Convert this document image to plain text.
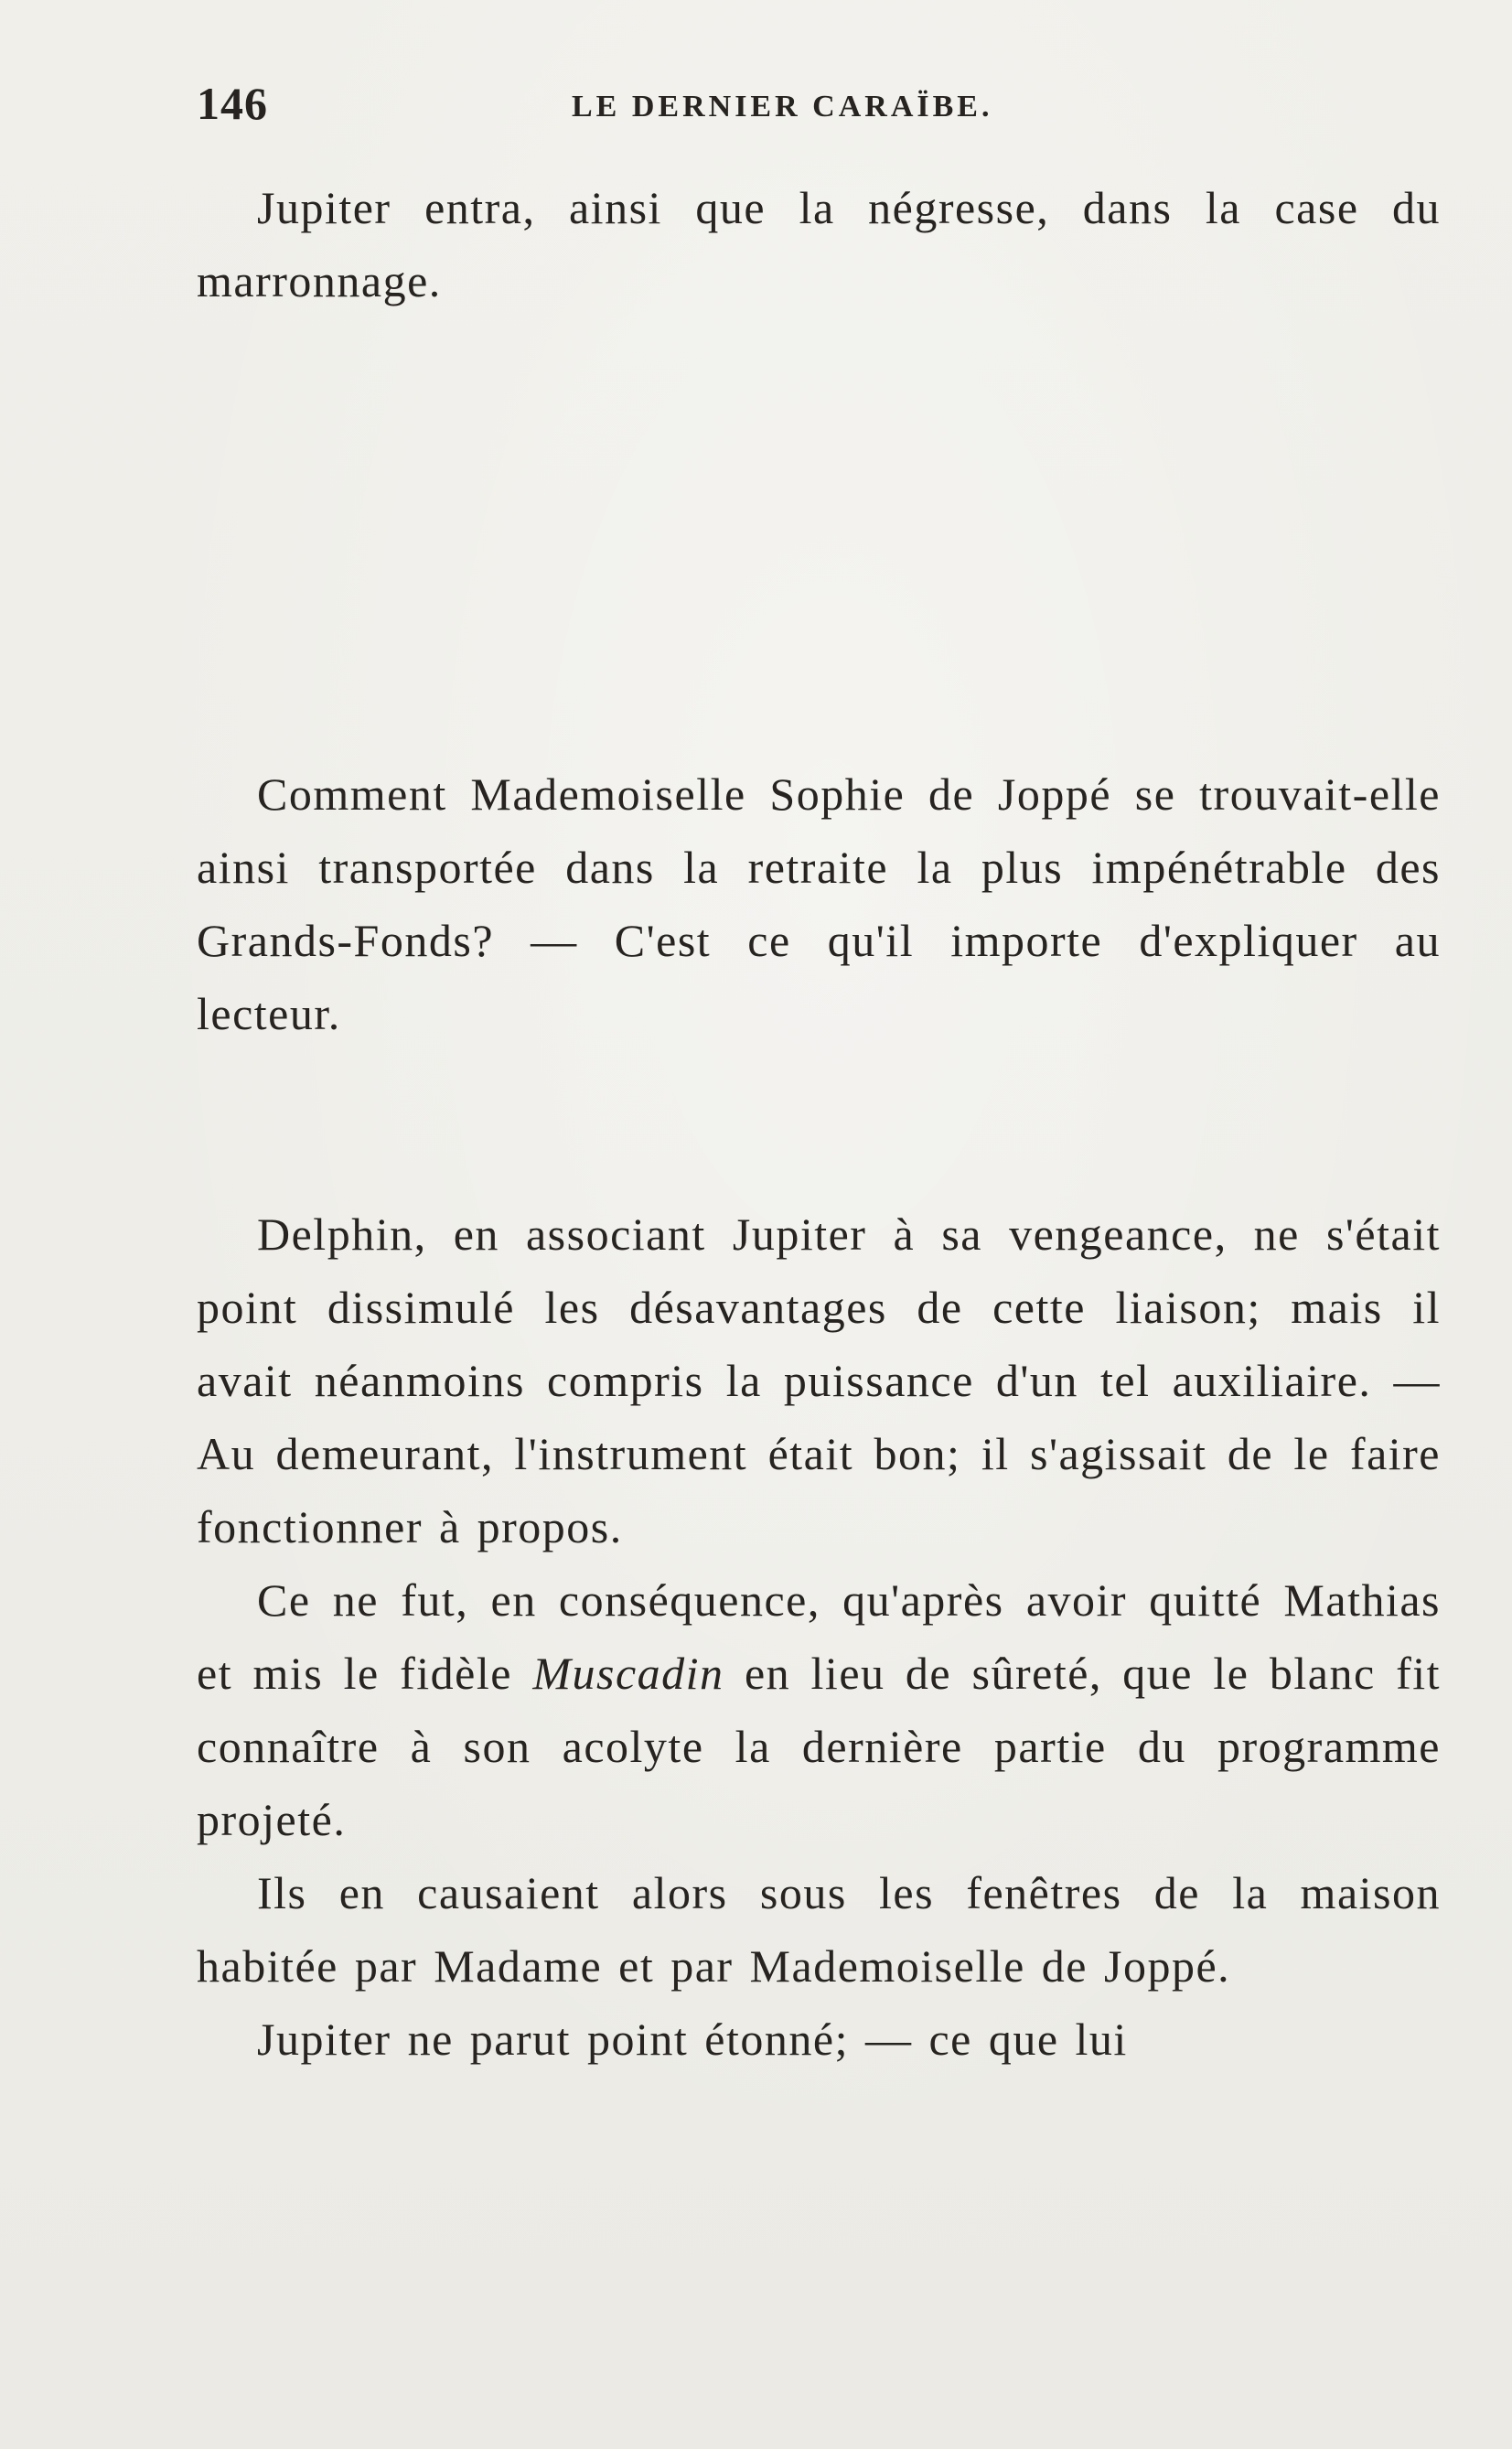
146	LE DERNIER CARAÏBE.

Jupiter entra, ainsi que la négresse, dans la case du marronnage.

Comment Mademoiselle Sophie de Joppé se trouvait-elle ainsi transportée dans la retraite la plus impénétrable des Grands-Fonds? — C'est ce qu'il importe d'expliquer au lecteur.

Delphin, en associant Jupiter à sa vengeance, ne s'était point dissimulé les désavantages de cette liaison; mais il avait néanmoins compris la puissance d'un tel auxiliaire. — Au demeurant, l'instrument était bon; il s'agissait de le faire fonctionner à propos.

Ce ne fut, en conséquence, qu'après avoir quitté Mathias et mis le fidèle Muscadin en lieu de sûreté, que le blanc fit connaître à son acolyte la dernière partie du programme projeté.

Ils en causaient alors sous les fenêtres de la maison habitée par Madame et par Mademoiselle de Joppé.

Jupiter ne parut point étonné; — ce que lui
